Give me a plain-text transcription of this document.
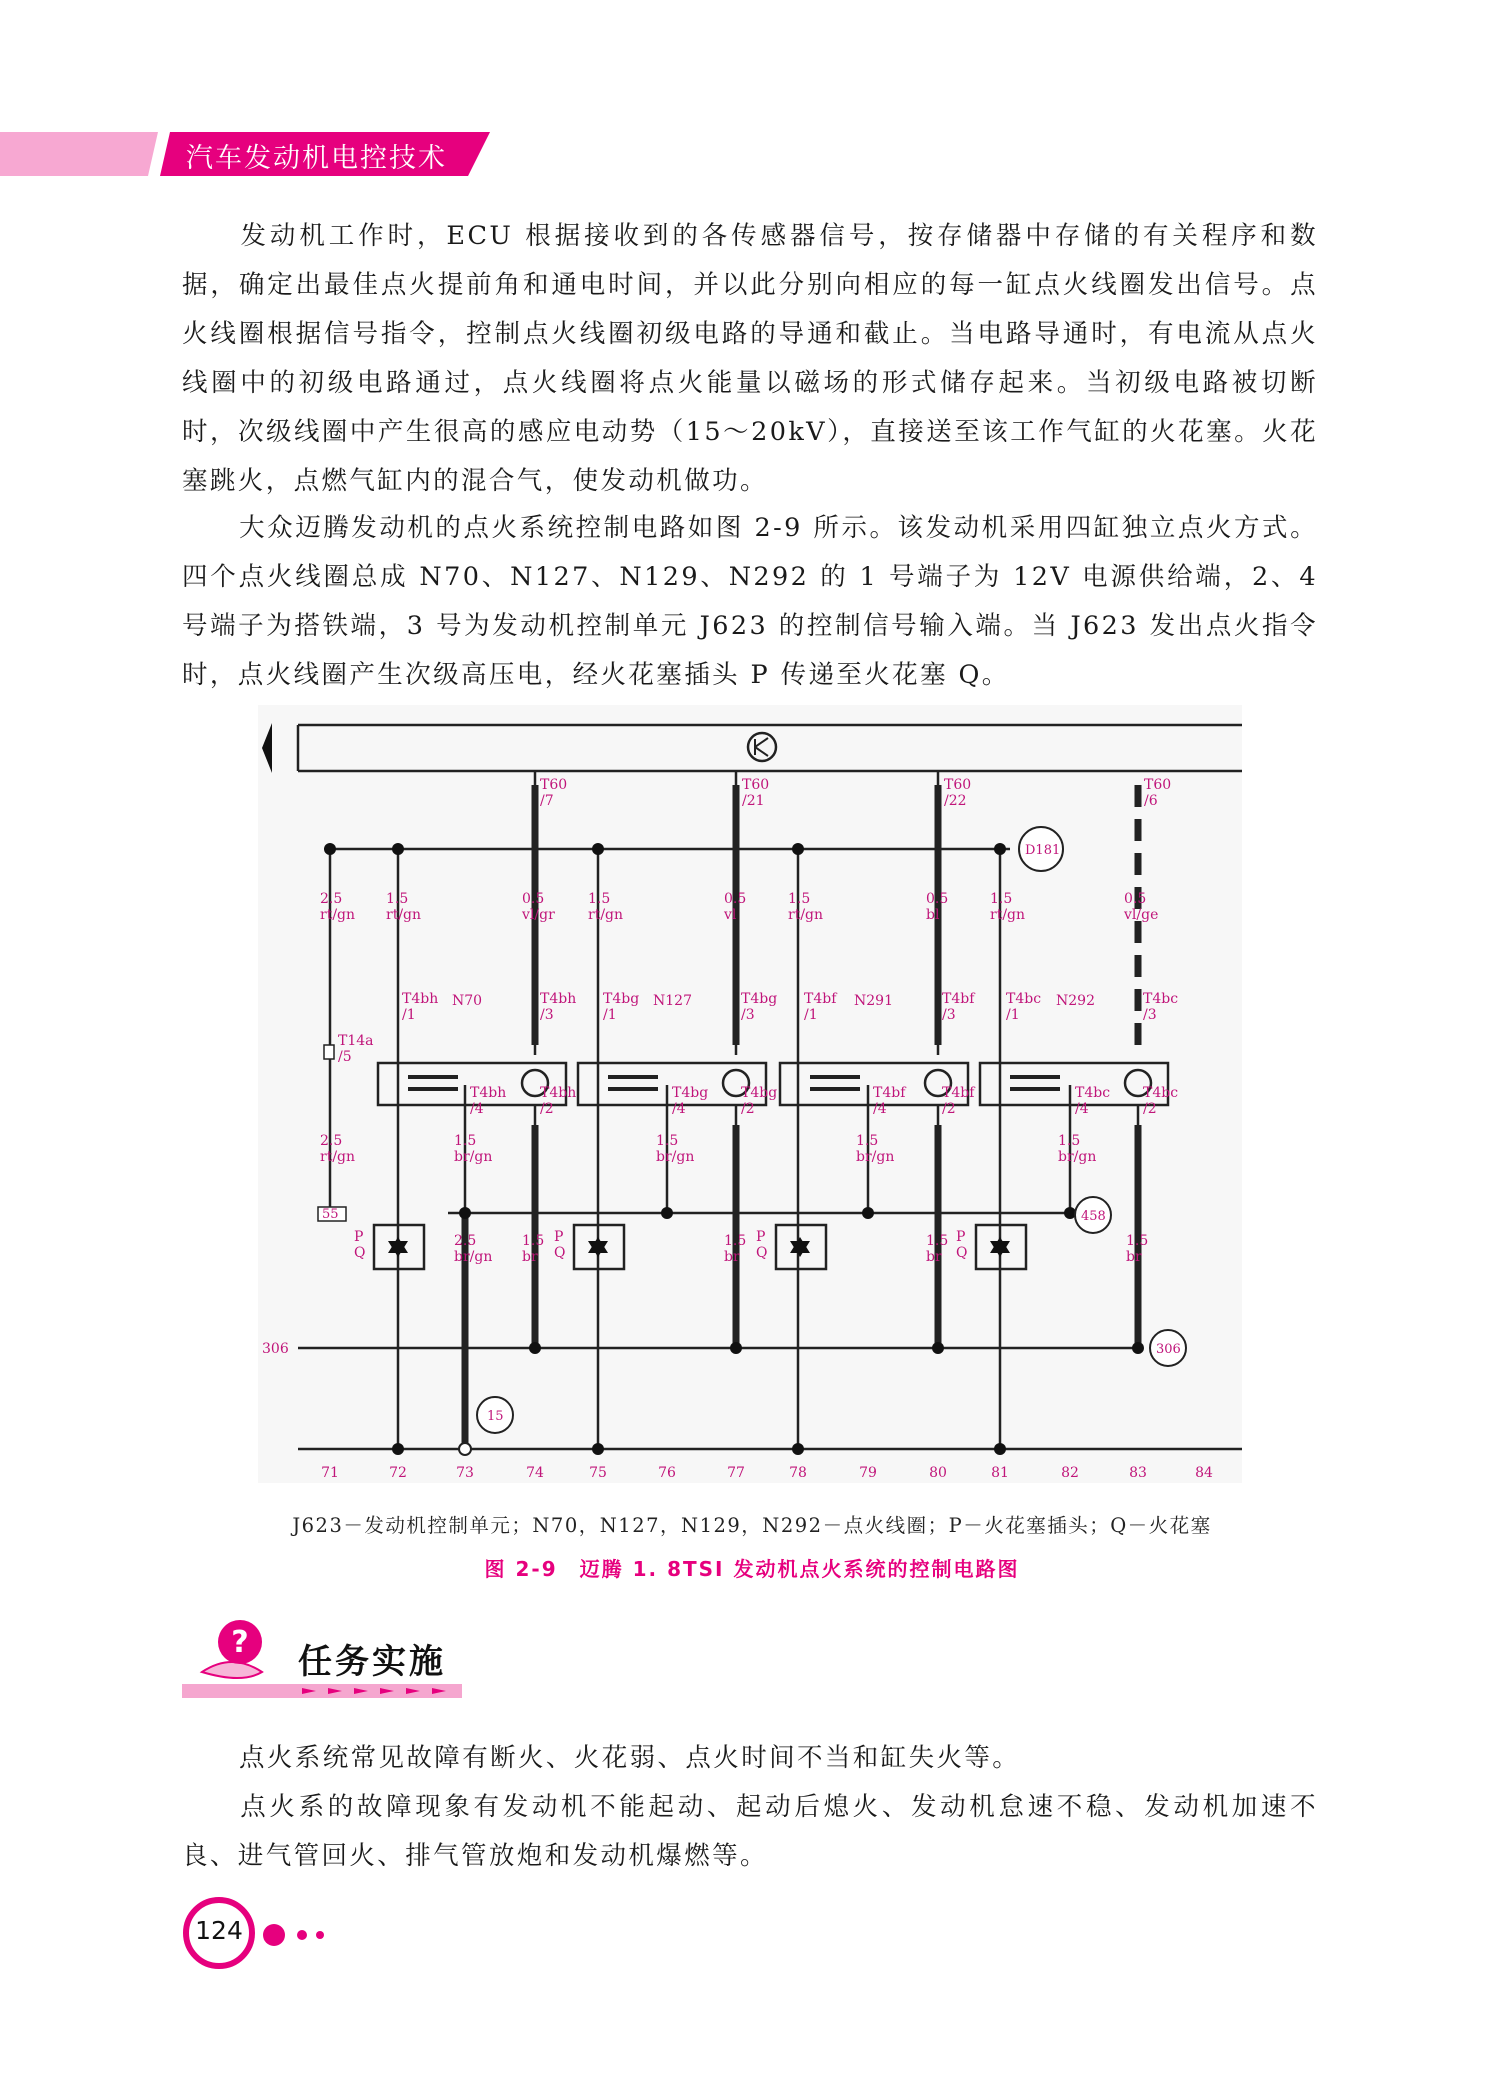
汽车发动机电控技术

发动机工作时，ECU 根据接收到的各传感器信号，按存储器中存储的有关程序和数据，确定出最佳点火提前角和通电时间，并以此分别向相应的每一缸点火线圈发出信号。点火线圈根据信号指令，控制点火线圈初级电路的导通和截止。当电路导通时，有电流从点火线圈中的初级电路通过，点火线圈将点火能量以磁场的形式储存起来。当初级电路被切断时，次级线圈中产生很高的感应电动势（15～20kV），直接送至该工作气缸的火花塞。火花塞跳火，点燃气缸内的混合气，使发动机做功。

大众迈腾发动机的点火系统控制电路如图 2-9 所示。该发动机采用四缸独立点火方式。四个点火线圈总成 N70、N127、N129、N292 的 1 号端子为 12V 电源供给端，2、4 号端子为搭铁端，3 号为发动机控制单元 J623 的控制信号输入端。当 J623 发出点火指令时，点火线圈产生次级高压电，经火花塞插头 P 传递至火花塞 Q。

T60 /7
T60 /21
T60 /22
T60 /6
2.5 rt/gn
1.5 rt/gn
0.5 vl/gr
1.5 rt/gn
0.5 vl
1.5 rt/gn
0.5 bl
1.5 rt/gn
0.5 vl/ge
2.5 rt/gn
1.5 br/gn
1.5 br/gn
1.5 br/gn
1.5 br/gn
2.5 br/gn
1.5 br
1.5 br
1.5 br
1.5 br
N70	N127	N291	N292
T4bh /1
T4bg /1
T4bf /1
T4bc /1
T4bh /3
T4bg /3
T4bf /3
T4bc /3
T4bh /4
T4bg /4
T4bf /4
T4bc /4
T4bh /2
T4bg /2
T4bf /2
T4bc /2
T14a /5
P Q
P Q
P Q
P Q
306
55
D181
458
306
15
71	72	73	74	75	76	77	78	79	80	81	82	83	84

J623－发动机控制单元；N70，N127，N129，N292－点火线圈；P－火花塞插头；Q－火花塞

图 2-9　迈腾 1. 8TSI 发动机点火系统的控制电路图

? 任务实施

点火系统常见故障有断火、火花弱、点火时间不当和缸失火等。

点火系的故障现象有发动机不能起动、起动后熄火、发动机怠速不稳、发动机加速不良、进气管回火、排气管放炮和发动机爆燃等。

124
